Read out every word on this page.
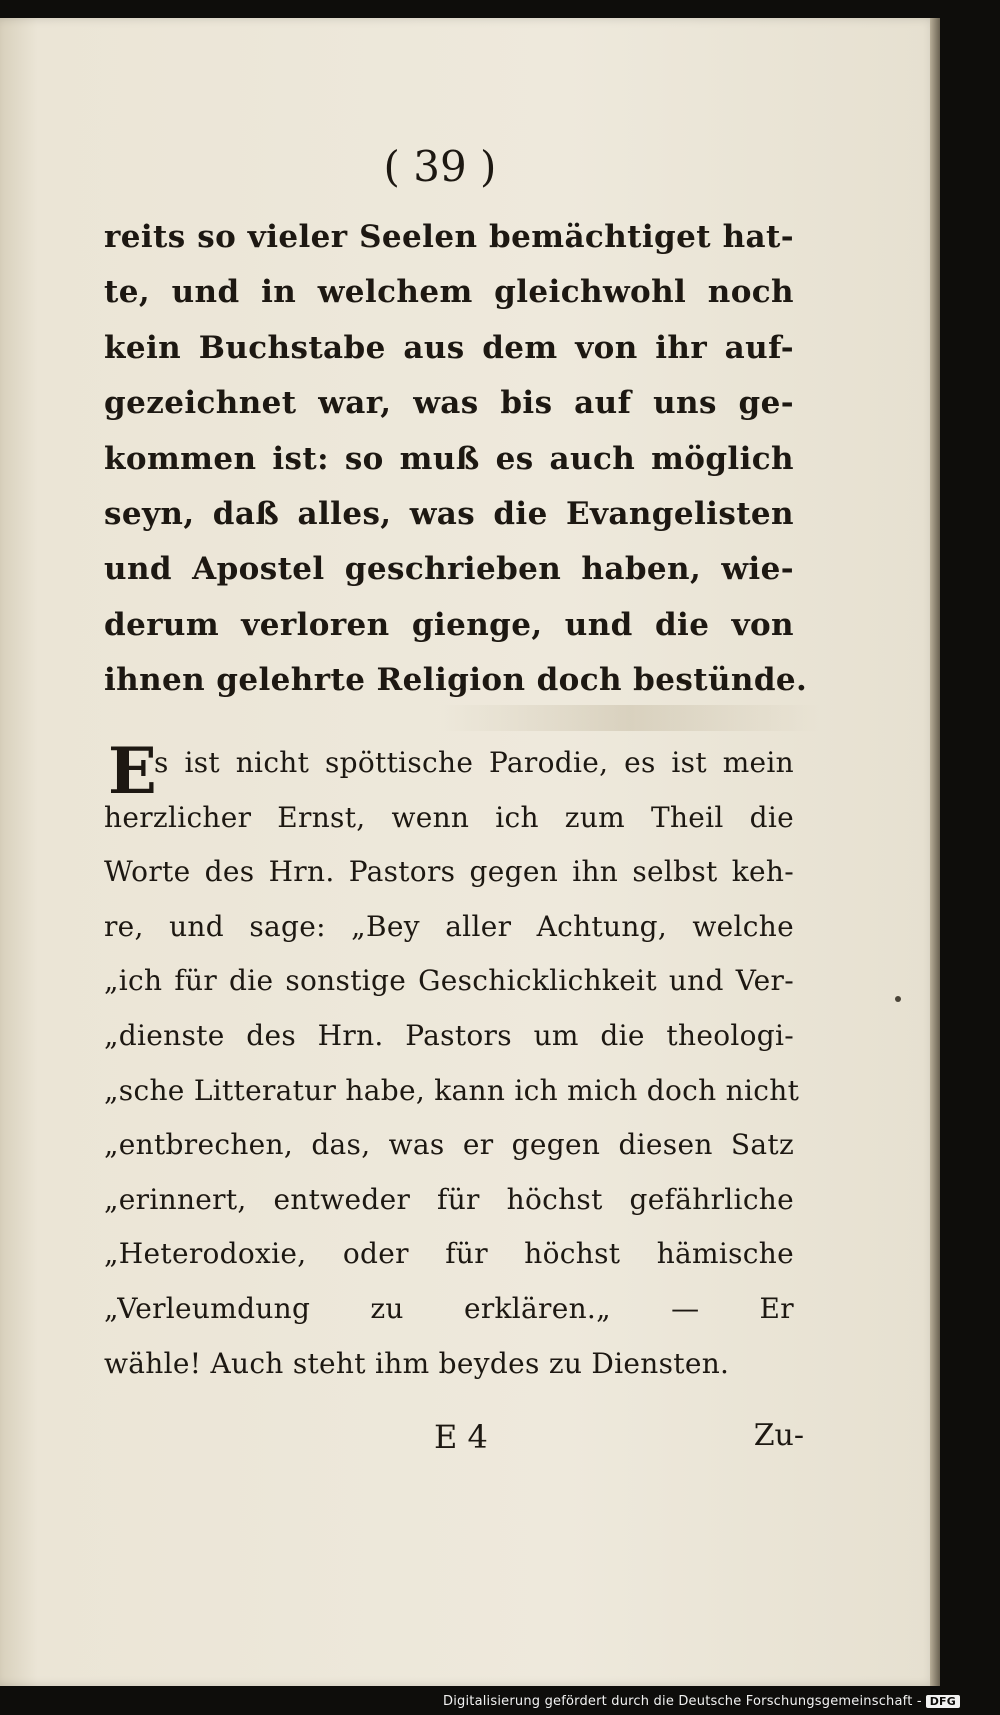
( 39 )
reits so vieler Seelen bemächtiget hat-
te, und in welchem gleichwohl noch
kein Buchstabe aus dem von ihr auf-
gezeichnet war, was bis auf uns ge-
kommen ist: so muß es auch möglich
seyn, daß alles, was die Evangelisten
und Apostel geschrieben haben, wie-
derum verloren gienge, und die von
ihnen gelehrte Religion doch bestünde.
E
s ist nicht spöttische Parodie, es ist mein
herzlicher Ernst, wenn ich zum Theil die
Worte des Hrn. Pastors gegen ihn selbst keh-
re, und sage: „Bey aller Achtung, welche
„ich für die sonstige Geschicklichkeit und Ver-
„dienste des Hrn. Pastors um die theologi-
„sche Litteratur habe, kann ich mich doch nicht
„entbrechen, das, was er gegen diesen Satz
„erinnert, entweder für höchst gefährliche
„Heterodoxie, oder für höchst hämische
„Verleumdung zu erklären.„ — Er
wähle! Auch steht ihm beydes zu Diensten.
E 4	Zu-
Digitalisierung gefördert durch die Deutsche Forschungsgemeinschaft - DFG
